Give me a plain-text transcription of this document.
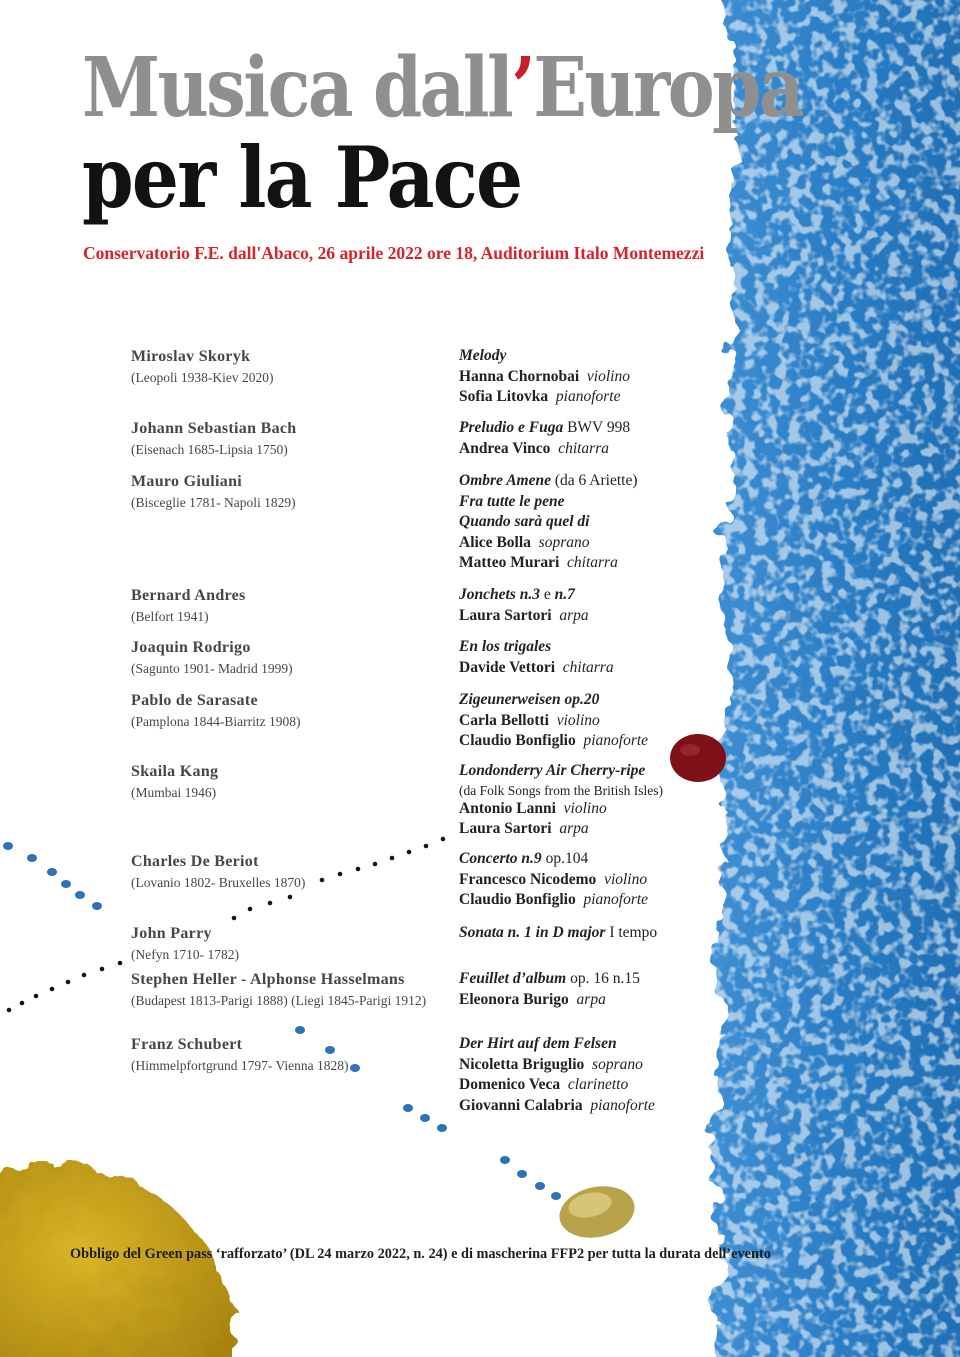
Musica dall’Europa
per la Pace

Conservatorio F.E. dall'Abaco, 26 aprile 2022 ore 18, Auditorium Italo Montemezzi

Miroslav Skoryk
(Leopoli 1938-Kiev 2020)
Melody
Hanna Chornobai violino
Sofia Litovka pianoforte
Johann Sebastian Bach
(Eisenach 1685-Lipsia 1750)
Preludio e Fuga BWV 998
Andrea Vinco chitarra
Mauro Giuliani
(Bisceglie 1781- Napoli 1829)
Ombre Amene (da 6 Ariette)
Fra tutte le pene
Quando sarà quel di
Alice Bolla soprano
Matteo Murari chitarra
Bernard Andres
(Belfort 1941)
Jonchets n.3 e n.7
Laura Sartori arpa
Joaquin Rodrigo
(Sagunto 1901- Madrid 1999)
En los trigales
Davide Vettori chitarra
Pablo de Sarasate
(Pamplona 1844-Biarritz 1908)
Zigeunerweisen op.20
Carla Bellotti violino
Claudio Bonfiglio pianoforte
Skaila Kang
(Mumbai 1946)
Londonderry Air Cherry-ripe
(da Folk Songs from the British Isles)
Antonio Lanni violino
Laura Sartori arpa
Charles De Beriot
(Lovanio 1802- Bruxelles 1870)
Concerto n.9 op.104
Francesco Nicodemo violino
Claudio Bonfiglio pianoforte
John Parry
(Nefyn 1710- 1782)
Sonata n. 1 in D major I tempo
Stephen Heller - Alphonse Hasselmans
(Budapest 1813-Parigi 1888) (Liegi 1845-Parigi 1912)
Feuillet d’album op. 16 n.15
Eleonora Burigo arpa
Franz Schubert
(Himmelpfortgrund 1797- Vienna 1828)
Der Hirt auf dem Felsen
Nicoletta Briguglio soprano
Domenico Veca clarinetto
Giovanni Calabria pianoforte

Obbligo del Green pass ‘rafforzato’ (DL 24 marzo 2022, n. 24) e di mascherina FFP2 per tutta la durata dell’evento
